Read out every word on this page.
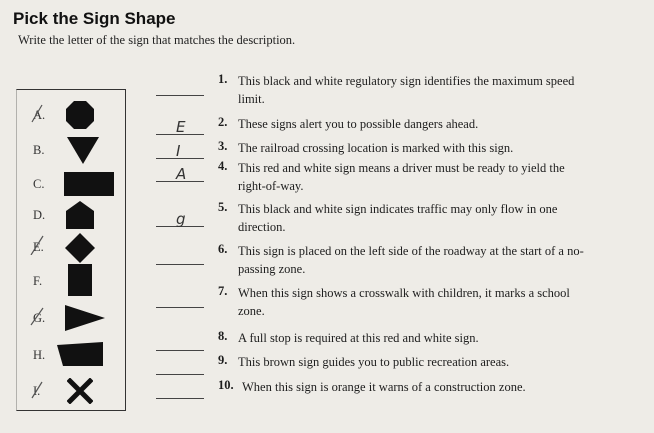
Pick the Sign Shape
Write the letter of the sign that matches the description.
A.
B.
C.
D.
E.
F.
G.
H.
I.
1. This black and white regulatory sign identifies the maximum speed
limit.
E	2. These signs alert you to possible dangers ahead.
I	3. The railroad crossing location is marked with this sign.
A	4. This red and white sign means a driver must be ready to yield the
right-of-way.
g
5. This black and white sign indicates traffic may only flow in one
direction.
6. This sign is placed on the left side of the roadway at the start of a no-
passing zone.
7. When this sign shows a crosswalk with children, it marks a school
zone.
8. A full stop is required at this red and white sign.
9. This brown sign guides you to public recreation areas.
10. When this sign is orange it warns of a construction zone.
